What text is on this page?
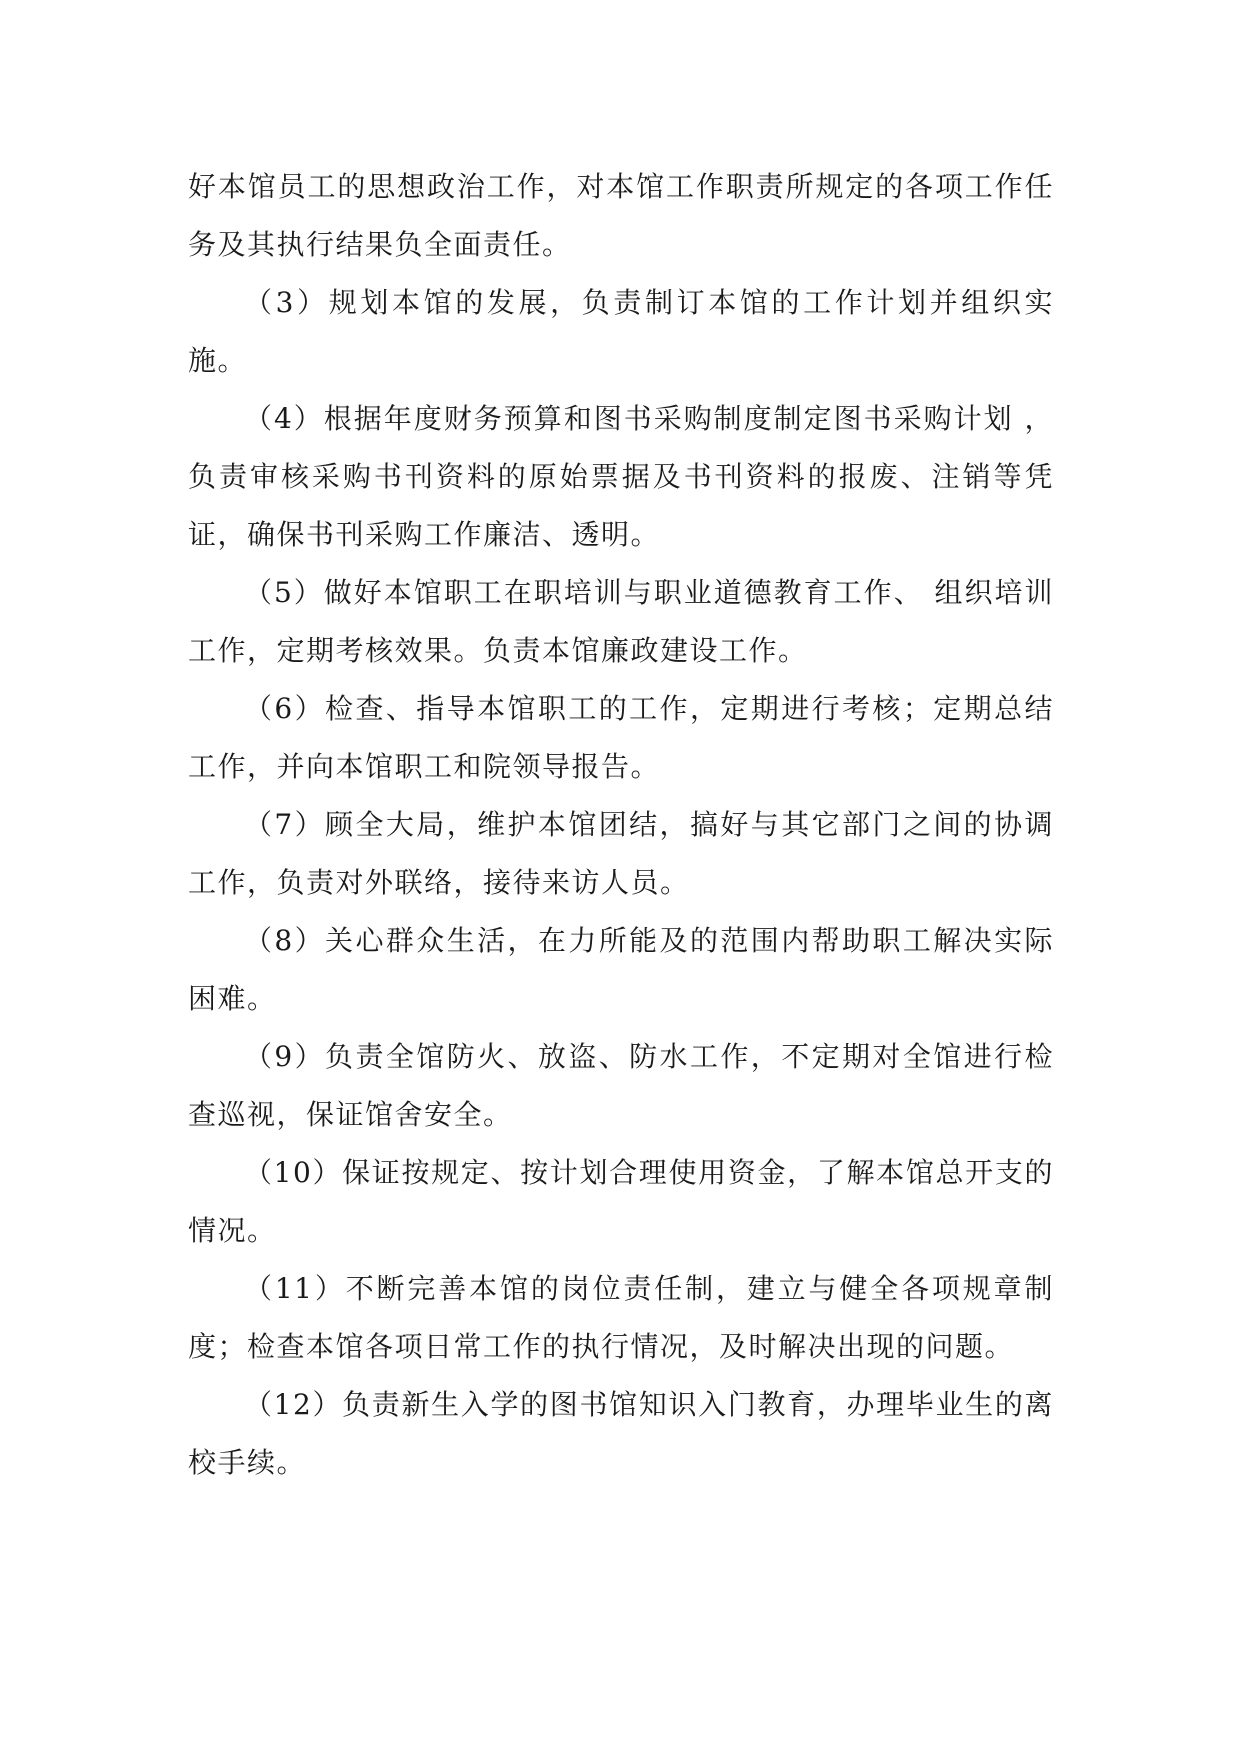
好本馆员工的思想政治工作，对本馆工作职责所规定的各项工作任务及其执行结果负全面责任。

（3）规划本馆的发展，负责制订本馆的工作计划并组织实施。

（4）根据年度财务预算和图书采购制度制定图书采购计划 ，负责审核采购书刊资料的原始票据及书刊资料的报废、注销等凭证，确保书刊采购工作廉洁、透明。

（5）做好本馆职工在职培训与职业道德教育工作、 组织培训工作，定期考核效果。负责本馆廉政建设工作。

（6）检查、指导本馆职工的工作，定期进行考核；定期总结工作，并向本馆职工和院领导报告。

（7）顾全大局，维护本馆团结，搞好与其它部门之间的协调工作，负责对外联络，接待来访人员。

（8）关心群众生活，在力所能及的范围内帮助职工解决实际困难。

（9）负责全馆防火、放盗、防水工作，不定期对全馆进行检查巡视，保证馆舍安全。

（10）保证按规定、按计划合理使用资金，了解本馆总开支的情况。

（11）不断完善本馆的岗位责任制，建立与健全各项规章制度；检查本馆各项日常工作的执行情况，及时解决出现的问题。

（12）负责新生入学的图书馆知识入门教育，办理毕业生的离校手续。
